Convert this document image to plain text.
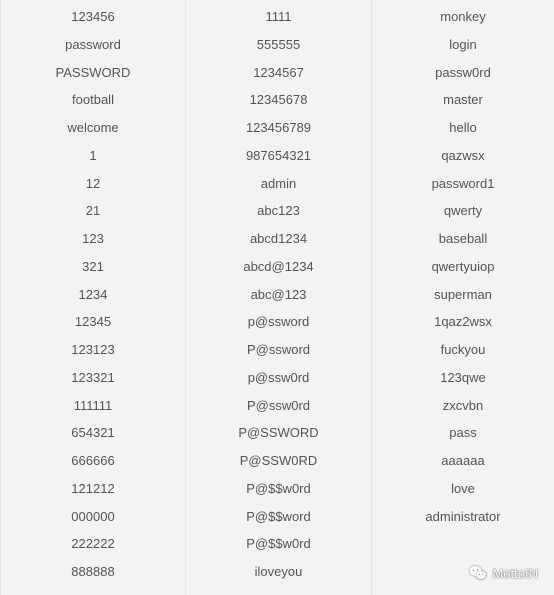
123456
password
PASSWORD
football
welcome
1
12
21
123
321
1234
12345
123123
123321
111111
654321
666666
121212
000000
222222
888888
1111
555555
1234567
12345678
123456789
987654321
admin
abc123
abcd1234
abcd@1234
abc@123
p@ssword
P@ssword
p@ssw0rd
P@ssw0rd
P@SSWORD
P@SSW0RD
P@$$w0rd
P@$$word
P@$$w0rd
iloveyou
monkey
login
passw0rd
master
hello
qazwsx
password1
qwerty
baseball
qwertyuiop
superman
1qaz2wsx
fuckyou
123qwe
zxcvbn
pass
aaaaaa
love
administrator
MottoIN
